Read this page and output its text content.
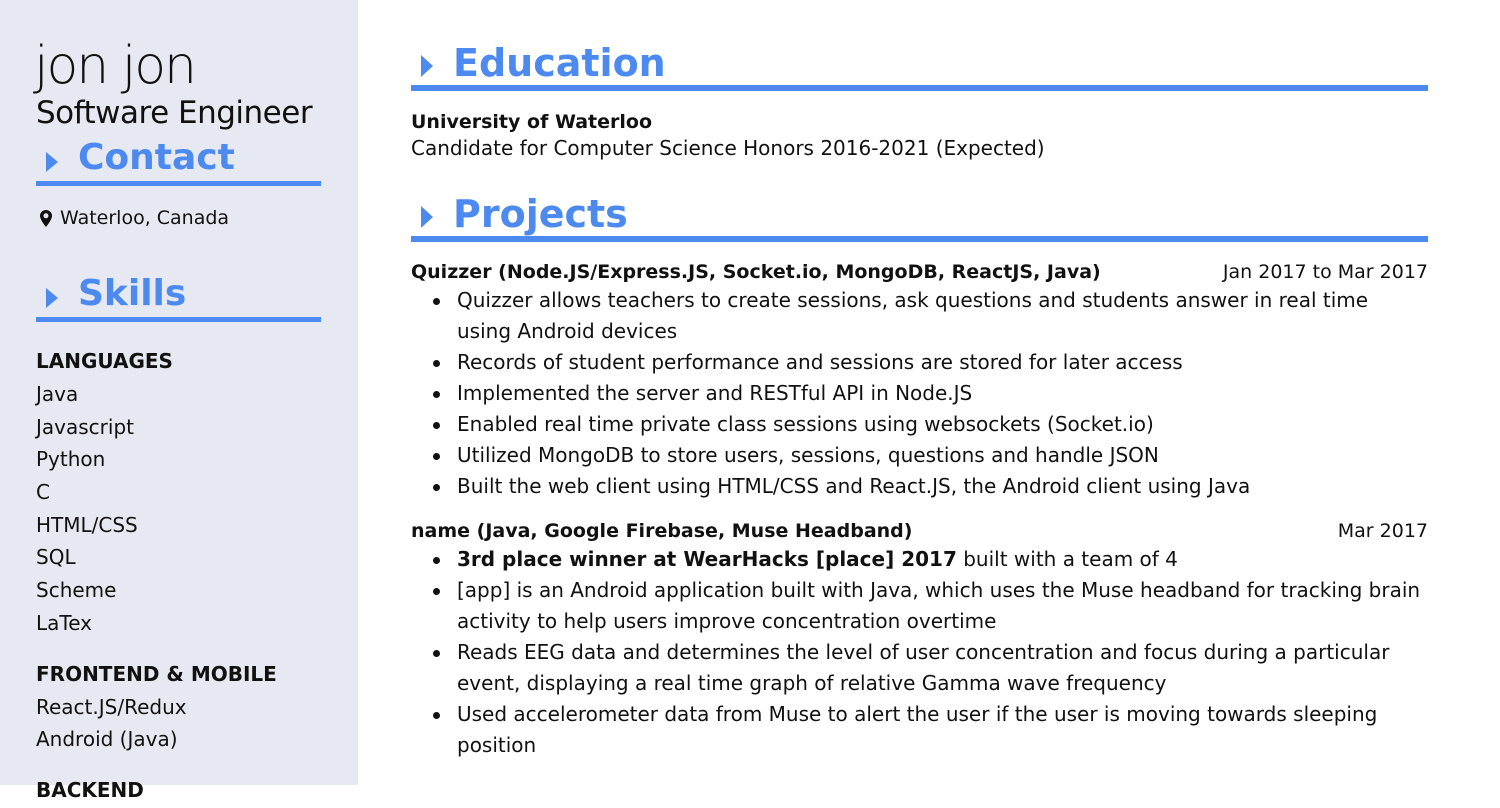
jon jon
Software Engineer
Contact
Waterloo, Canada
Skills
LANGUAGES
Java
Javascript
Python
C
HTML/CSS
SQL
Scheme
LaTex
FRONTEND & MOBILE
React.JS/Redux
Android (Java)
BACKEND
Education
University of Waterloo
Candidate for Computer Science Honors 2016-2021 (Expected)
Projects
Quizzer (Node.JS/Express.JS, Socket.io, MongoDB, ReactJS, Java)	Jan 2017 to Mar 2017
Quizzer allows teachers to create sessions, ask questions and students answer in real time using Android devices
Records of student performance and sessions are stored for later access
Implemented the server and RESTful API in Node.JS
Enabled real time private class sessions using websockets (Socket.io)
Utilized MongoDB to store users, sessions, questions and handle JSON
Built the web client using HTML/CSS and React.JS, the Android client using Java
name (Java, Google Firebase, Muse Headband)	Mar 2017
3rd place winner at WearHacks [place] 2017 built with a team of 4
[app] is an Android application built with Java, which uses the Muse headband for tracking brain activity to help users improve concentration overtime
Reads EEG data and determines the level of user concentration and focus during a particular event, displaying a real time graph of relative Gamma wave frequency
Used accelerometer data from Muse to alert the user if the user is moving towards sleeping position
